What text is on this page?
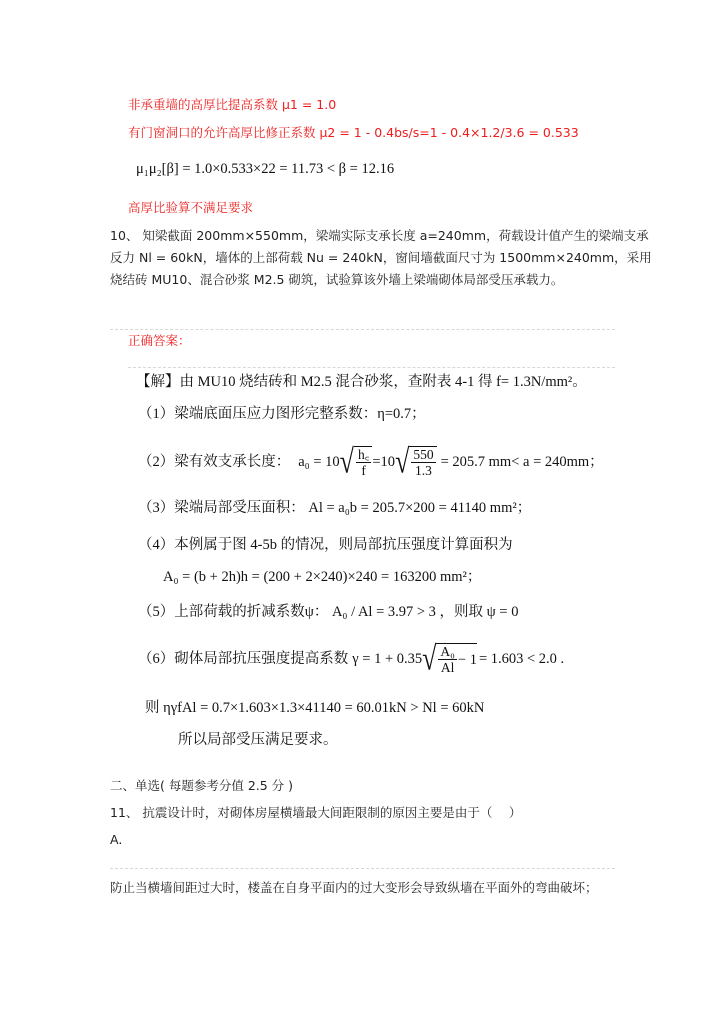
非承重墙的高厚比提高系数 μ1 = 1.0
有门窗洞口的允许高厚比修正系数 μ2 = 1 - 0.4bs/s=1 - 0.4×1.2/3.6 = 0.533
μ₁μ₂[β] = 1.0×0.533×22 = 11.73 < β = 12.16
高厚比验算不满足要求
10、 知梁截面 200mm×550mm，梁端实际支承长度 a=240mm，荷载设计值产生的梁端支承
反力 Nl = 60kN，墙体的上部荷载 Nu = 240kN，窗间墙截面尺寸为 1500mm×240mm，采用
烧结砖 MU10、混合砂浆 M2.5 砌筑，试验算该外墙上梁端砌体局部受压承载力。
正确答案：
【解】由 MU10 烧结砖和 M2.5 混合砂浆，查附表 4-1 得 f= 1.3N/mm²。
（1）梁端底面压应力图形完整系数：η=0.7；
（2）梁有效支承长度： a₀ = 10 √ $\frac{h꜀}{f} =10$ √ $\frac{550}{1.3} = 205.7$ mm< a = 240mm；
（3）梁端局部受压面积： Al = a₀b = 205.7×200 = 41140 mm²；
（4）本例属于图 4-5b 的情况，则局部抗压强度计算面积为
A₀ = (b + 2h)h = (200 + 2×240)×240 = 163200 mm²；
（5）上部荷载的折减系数ψ： A₀ / Al = 3.97 > 3 ，则取 ψ = 0
（6）砌体局部抗压强度提高系数 γ = 1 + 0.35 √ $\frac{\text{A₀}}{Al} - 1 = 1.603 < 2.0$ .
则 ηγfAl = 0.7×1.603×1.3×41140 = 60.01kN > Nl = 60kN
所以局部受压满足要求。
二、单选( 每题参考分值 2.5 分 )
11、 抗震设计时，对砌体房屋横墙最大间距限制的原因主要是由于（　 ）
A.
防止当横墙间距过大时，楼盖在自身平面内的过大变形会导致纵墙在平面外的弯曲破坏；
